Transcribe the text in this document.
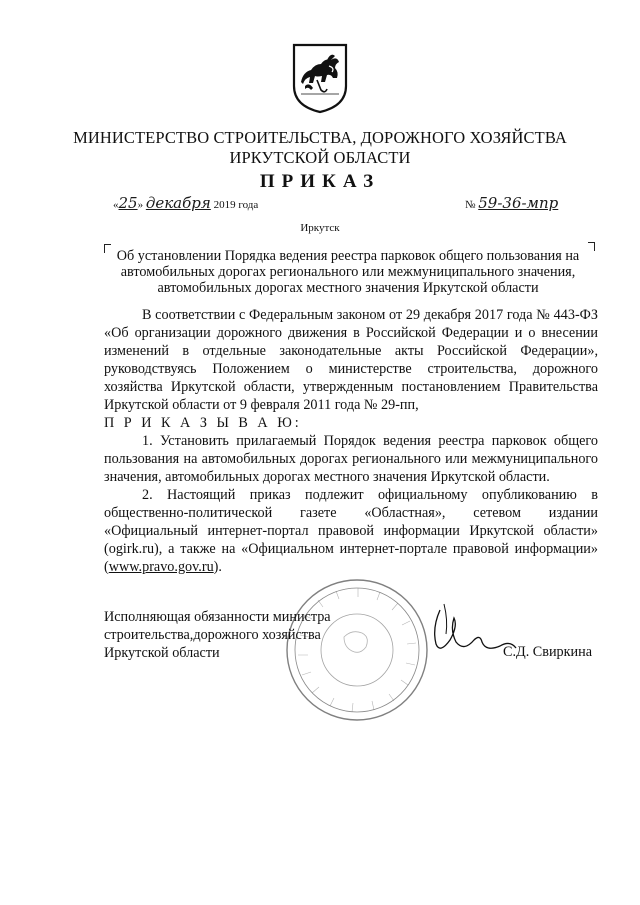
МИНИСТЕРСТВО СТРОИТЕЛЬСТВА, ДОРОЖНОГО ХОЗЯЙСТВА
ИРКУТСКОЙ ОБЛАСТИ
ПРИКАЗ
«25» декабря 2019 года	№ 59-36-мпр
Иркутск
Об установлении Порядка ведения реестра парковок общего пользования на автомобильных дорогах регионального или межмуниципального значения, автомобильных дорогах местного значения Иркутской области

В соответствии с Федеральным законом от 29 декабря 2017 года № 443-ФЗ «Об организации дорожного движения в Российской Федерации и о внесении изменений в отдельные законодательные акты Российской Федерации», руководствуясь Положением о министерстве строительства, дорожного хозяйства Иркутской области, утвержденным постановлением Правительства Иркутской области от 9 февраля 2011 года № 29-пп,

П Р И К А З Ы В А Ю:

1. Установить прилагаемый Порядок ведения реестра парковок общего пользования на автомобильных дорогах регионального или межмуниципального значения, автомобильных дорогах местного значения Иркутской области.

2. Настоящий приказ подлежит официальному опубликованию в общественно-политической газете «Областная», сетевом издании «Официальный интернет-портал правовой информации Иркутской области» (ogirk.ru), а также на «Официальном интернет-портале правовой информации» (www.pravo.gov.ru).

Исполняющая обязанности министра
строительства,дорожного хозяйства
Иркутской области	С.Д. Свиркина
